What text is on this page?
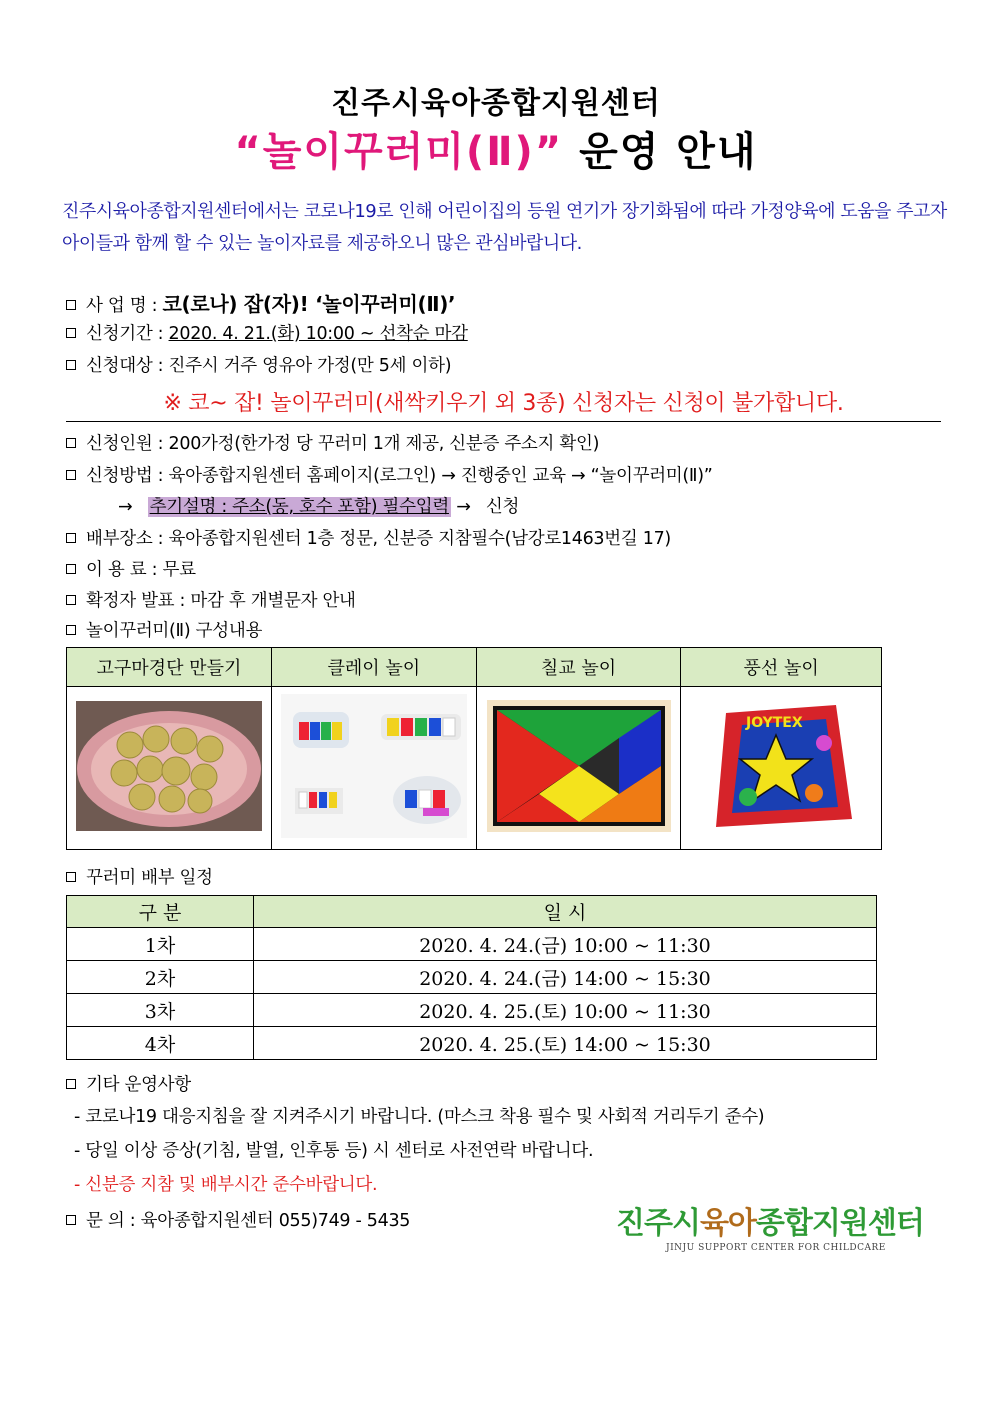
진주시육아종합지원센터
“놀이꾸러미(Ⅱ)” 운영 안내
진주시육아종합지원센터에서는 코로나19로 인해 어린이집의 등원 연기가 장기화됨에 따라 가정양육에 도움을 주고자 아이들과 함께 할 수 있는 놀이자료를 제공하오니 많은 관심바랍니다.
사 업 명 : 코(로나) 잡(자)! ‘놀이꾸러미(Ⅱ)’
신청기간 : 2020. 4. 21.(화) 10:00 ~ 선착순 마감
신청대상 : 진주시 거주 영유아 가정(만 5세 이하)
※ 코~ 잡! 놀이꾸러미(새싹키우기 외 3종) 신청자는 신청이 불가합니다.
신청인원 : 200가정(한가정 당 꾸러미 1개 제공, 신분증 주소지 확인)
신청방법 : 육아종합지원센터 홈페이지(로그인) → 진행중인 교육 → “놀이꾸러미(Ⅱ)”
→ 추기설명 : 주소(동, 호수 포함) 필수입력 → 신청
배부장소 : 육아종합지원센터 1층 정문, 신분증 지참필수(남강로1463번길 17)
이 용 료 : 무료
확정자 발표 : 마감 후 개별문자 안내
놀이꾸러미(Ⅱ) 구성내용
고구마경단 만들기	클레이 놀이	칠교 놀이	풍선 놀이

JOYTEX
꾸러미 배부 일정
구 분	일 시
1차	2020. 4. 24.(금) 10:00 ~ 11:30
2차	2020. 4. 24.(금) 14:00 ~ 15:30
3차	2020. 4. 25.(토) 10:00 ~ 11:30
4차	2020. 4. 25.(토) 14:00 ~ 15:30
기타 운영사항
- 코로나19 대응지침을 잘 지켜주시기 바랍니다. (마스크 착용 필수 및 사회적 거리두기 준수)
- 당일 이상 증상(기침, 발열, 인후통 등) 시 센터로 사전연락 바랍니다.
- 신분증 지참 및 배부시간 준수바랍니다.
문 의 : 육아종합지원센터 055)749 - 5435	진주시육아종합지원센터
JINJU SUPPORT CENTER FOR CHILDCARE
